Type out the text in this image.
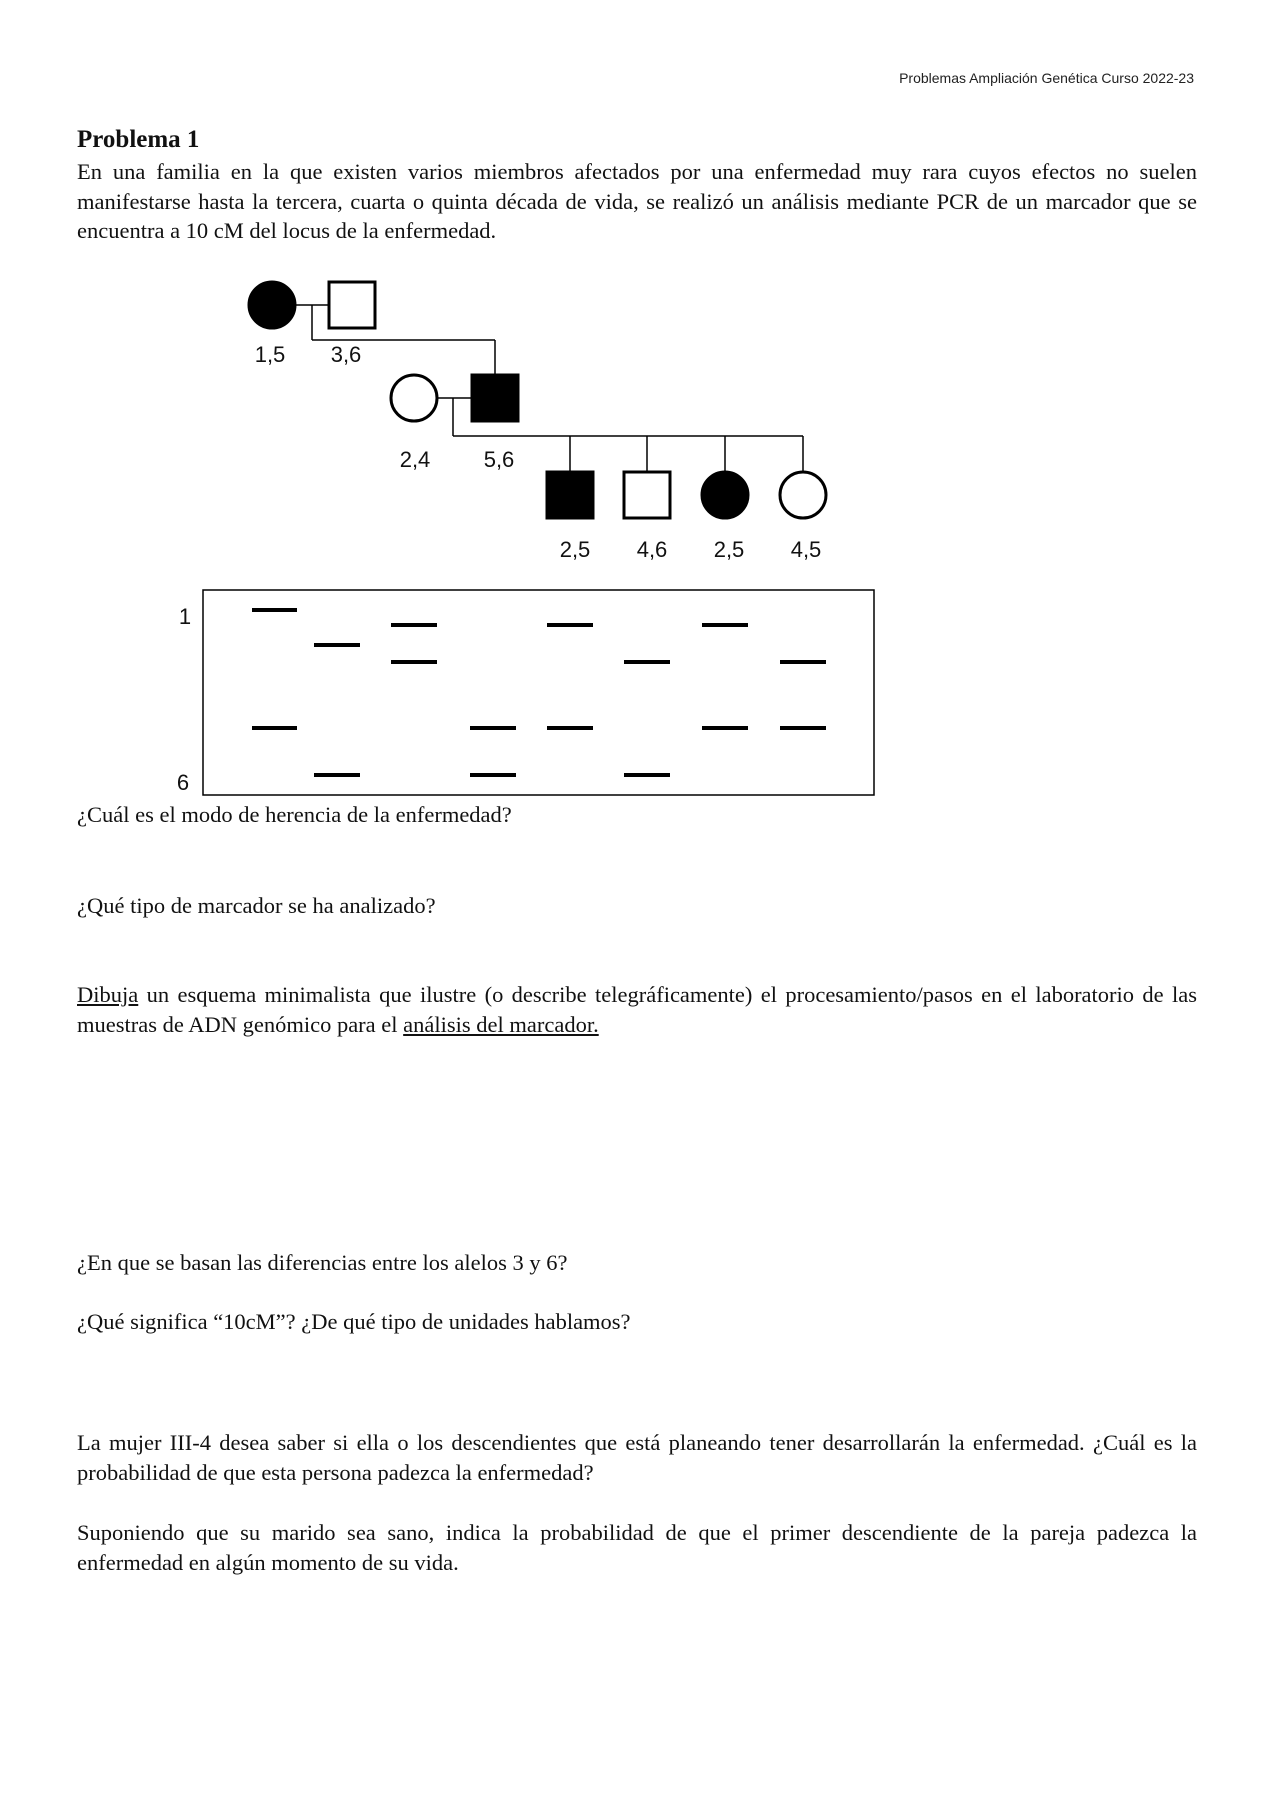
Problemas Ampliación Genética Curso 2022-23
Problema 1
En una familia en la que existen varios miembros afectados por una enfermedad muy rara cuyos efectos no suelen manifestarse hasta la tercera, cuarta o quinta década de vida, se realizó un análisis mediante PCR de un marcador que se encuentra a 10 cM del locus de la enfermedad.
1,5 3,6
2,4 5,6
2,5 4,6 2,5 4,5
1
6
¿Cuál es el modo de herencia de la enfermedad?
¿Qué tipo de marcador se ha analizado?
Dibuja un esquema minimalista que ilustre (o describe telegráficamente) el procesamiento/pasos en el laboratorio de las muestras de ADN genómico para el análisis del marcador.
¿En que se basan las diferencias entre los alelos 3 y 6?
¿Qué significa “10cM”? ¿De qué tipo de unidades hablamos?
La mujer III-4 desea saber si ella o los descendientes que está planeando tener desarrollarán la enfermedad. ¿Cuál es la probabilidad de que esta persona padezca la enfermedad?
Suponiendo que su marido sea sano, indica la probabilidad de que el primer descendiente de la pareja padezca la enfermedad en algún momento de su vida.
